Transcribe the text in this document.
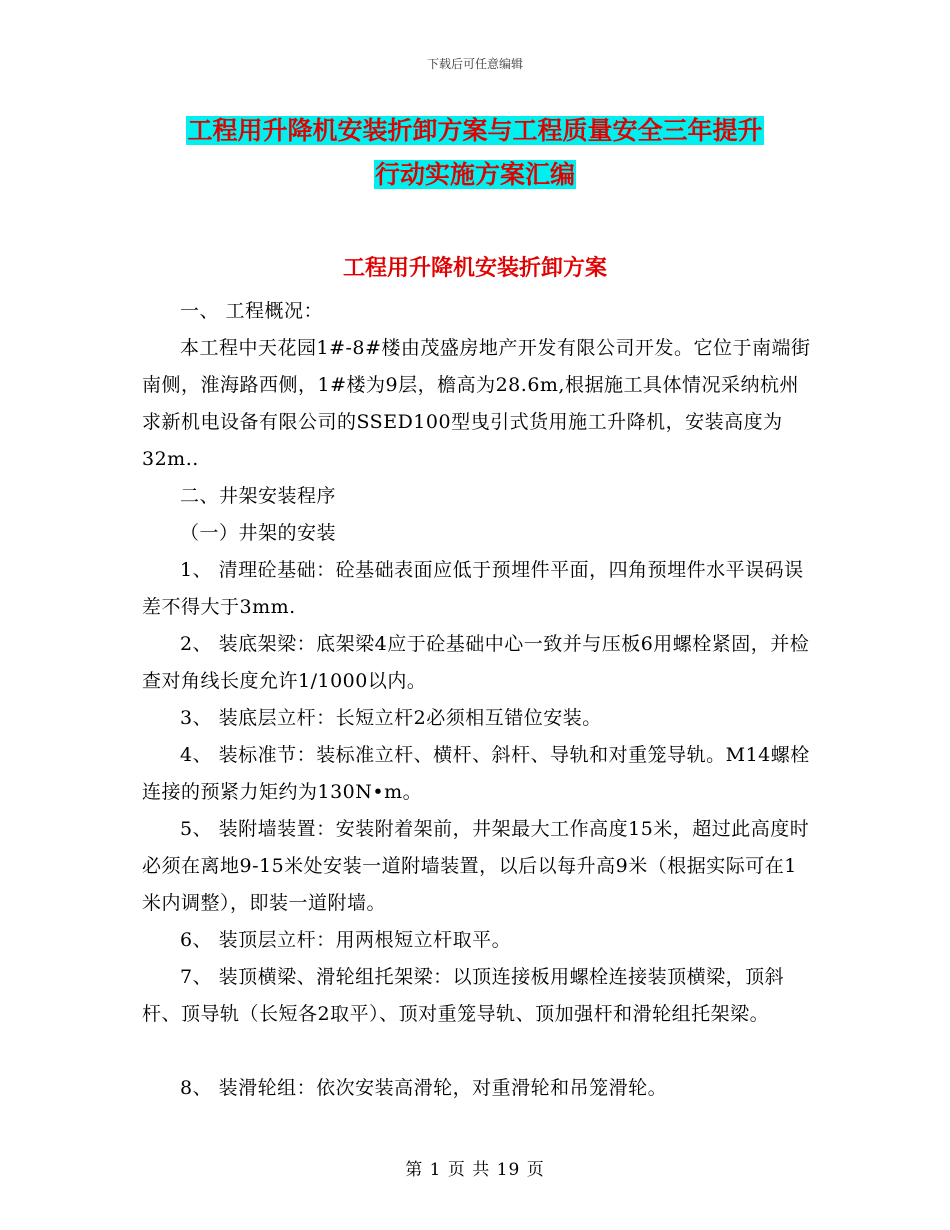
下载后可任意编辑
工程用升降机安装折卸方案与工程质量安全三年提升
行动实施方案汇编
工程用升降机安装折卸方案
一、 工程概况：
本工程中天花园1#-8#楼由茂盛房地产开发有限公司开发。它位于南端街南侧，淮海路西侧，1#楼为9层，檐高为28.6m,根据施工具体情况采纳杭州求新机电设备有限公司的SSED100型曳引式货用施工升降机，安装高度为32m..
二、井架安装程序
（一）井架的安装
1、 清理砼基础：砼基础表面应低于预埋件平面，四角预埋件水平误码误差不得大于3mm.
2、 装底架梁：底架梁4应于砼基础中心一致并与压板6用螺栓紧固，并检查对角线长度允许1/1000以内。
3、 装底层立杆：长短立杆2必须相互错位安装。
4、 装标准节：装标准立杆、横杆、斜杆、导轨和对重笼导轨。M14螺栓连接的预紧力矩约为130N•m。
5、 装附墙装置：安装附着架前，井架最大工作高度15米，超过此高度时必须在离地9-15米处安装一道附墙装置，以后以每升高9米（根据实际可在1米内调整），即装一道附墙。
6、 装顶层立杆：用两根短立杆取平。
7、 装顶横梁、滑轮组托架梁：以顶连接板用螺栓连接装顶横梁，顶斜杆、顶导轨（长短各2取平）、顶对重笼导轨、顶加强杆和滑轮组托架梁。
8、 装滑轮组：依次安装高滑轮，对重滑轮和吊笼滑轮。
第 1 页 共 19 页
